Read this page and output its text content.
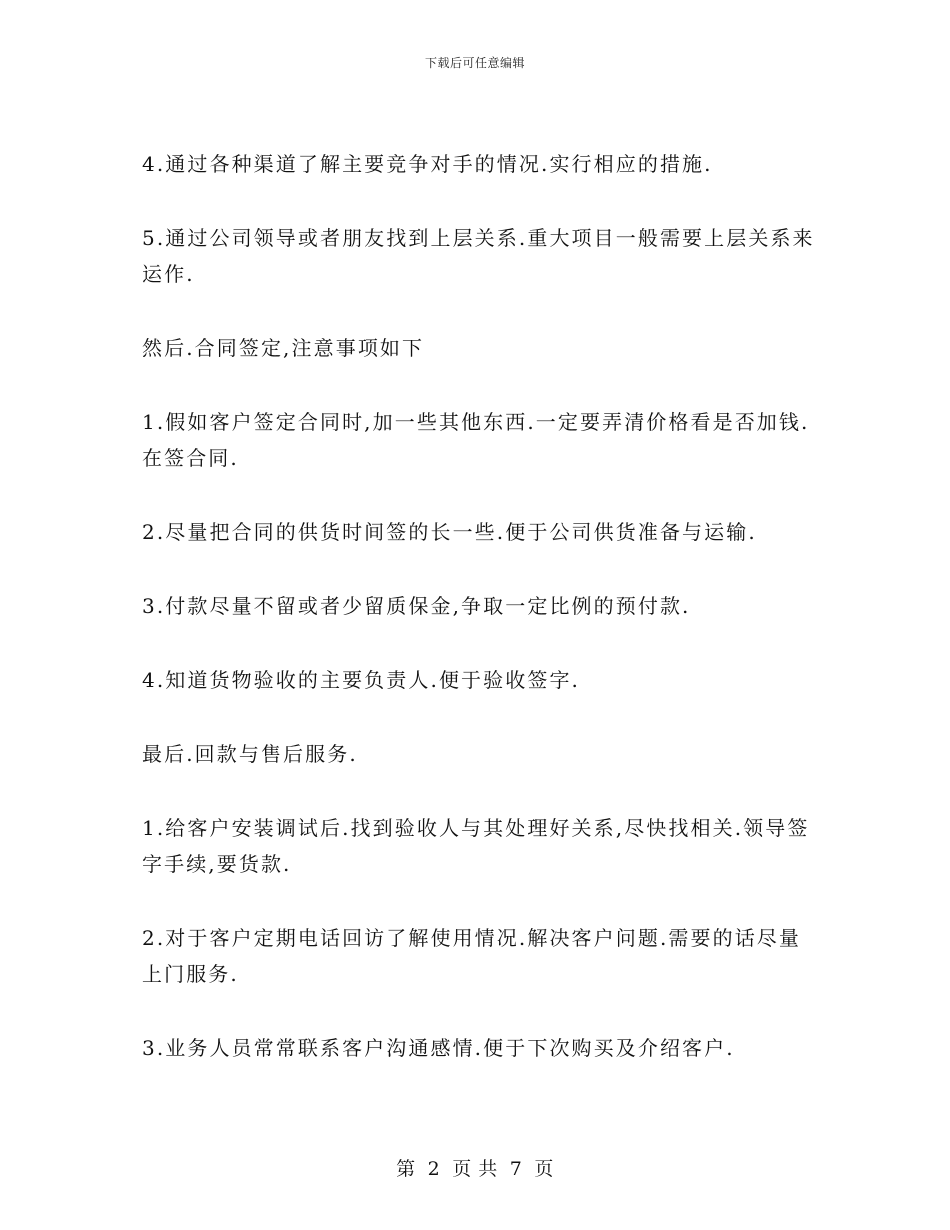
下载后可任意编辑

4.通过各种渠道了解主要竞争对手的情况.实行相应的措施.

5.通过公司领导或者朋友找到上层关系.重大项目一般需要上层关系来
运作.

然后.合同签定,注意事项如下

1.假如客户签定合同时,加一些其他东西.一定要弄清价格看是否加钱.
在签合同.

2.尽量把合同的供货时间签的长一些.便于公司供货准备与运输.

3.付款尽量不留或者少留质保金,争取一定比例的预付款.

4.知道货物验收的主要负责人.便于验收签字.

最后.回款与售后服务.

1.给客户安装调试后.找到验收人与其处理好关系,尽快找相关.领导签
字手续,要货款.

2.对于客户定期电话回访了解使用情况.解决客户问题.需要的话尽量
上门服务.

3.业务人员常常联系客户沟通感情.便于下次购买及介绍客户.

第 2 页 共 7 页
